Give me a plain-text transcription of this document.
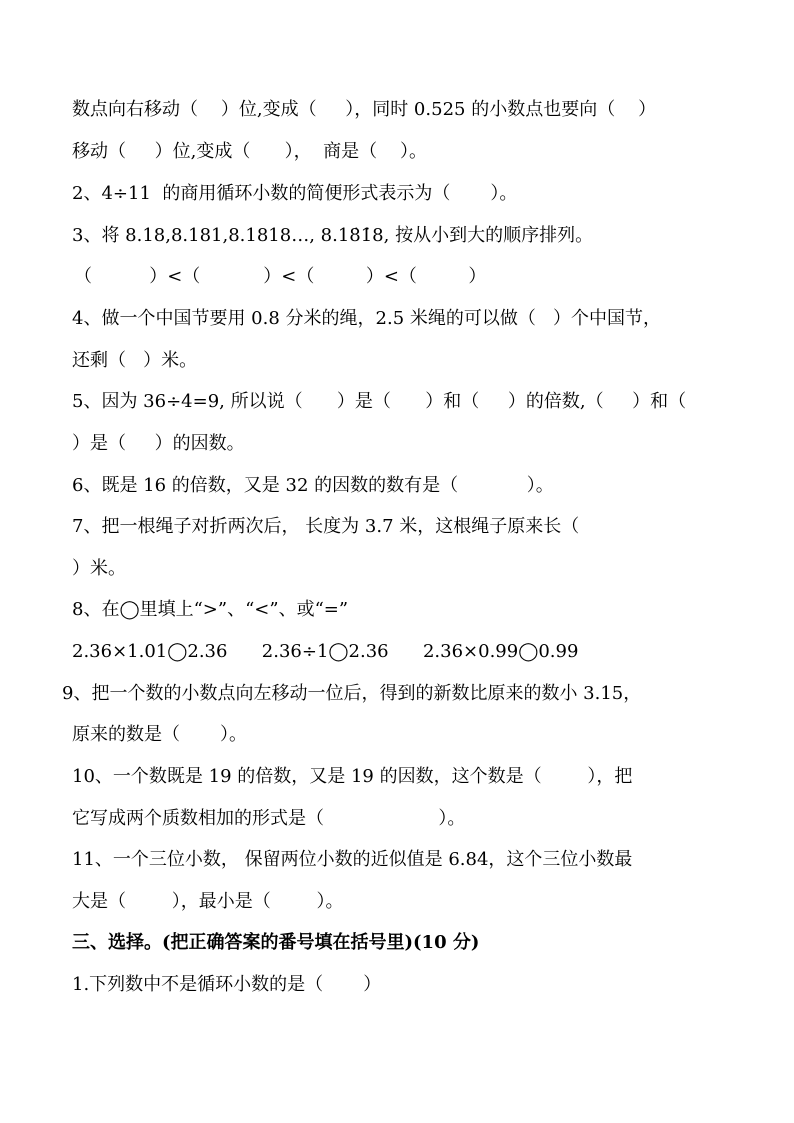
数点向右移动（    ）位,变成（     ），同时 0.525 的小数点也要向（    ）
移动（     ）位,变成（      ），  商是（    ）。
2、4÷11  的商用循环小数的简便形式表示为（       ）。
3、将 8.18,8.181,8.1818…, 8.18̇1̇8, 按从小到大的顺序排列。
（          ）<（           ）<（         ）<（         ）
4、做一个中国节要用 0.8 分米的绳，2.5 米绳的可以做（   ）个中国节，
还剩（   ）米。
5、因为 36÷4=9, 所以说（      ）是（      ）和（     ）的倍数,（     ）和（
）是（     ）的因数。
6、既是 16 的倍数，又是 32 的因数的数有是（            ）。
7、把一根绳子对折两次后， 长度为 3.7 米，这根绳子原来长（
）米。
8、在◯里填上“>”、“<”、或“=”
2.36×1.01◯2.36      2.36÷1◯2.36      2.36×0.99◯0.99
9、把一个数的小数点向左移动一位后，得到的新数比原来的数小 3.15，
原来的数是（       ）。
10、一个数既是 19 的倍数，又是 19 的因数，这个数是（        ），把
它写成两个质数相加的形式是（                    ）。
11、一个三位小数， 保留两位小数的近似值是 6.84，这个三位小数最
大是（        ），最小是（        ）。
三、选择。(把正确答案的番号填在括号里)(10 分)
1.下列数中不是循环小数的是（       ）
